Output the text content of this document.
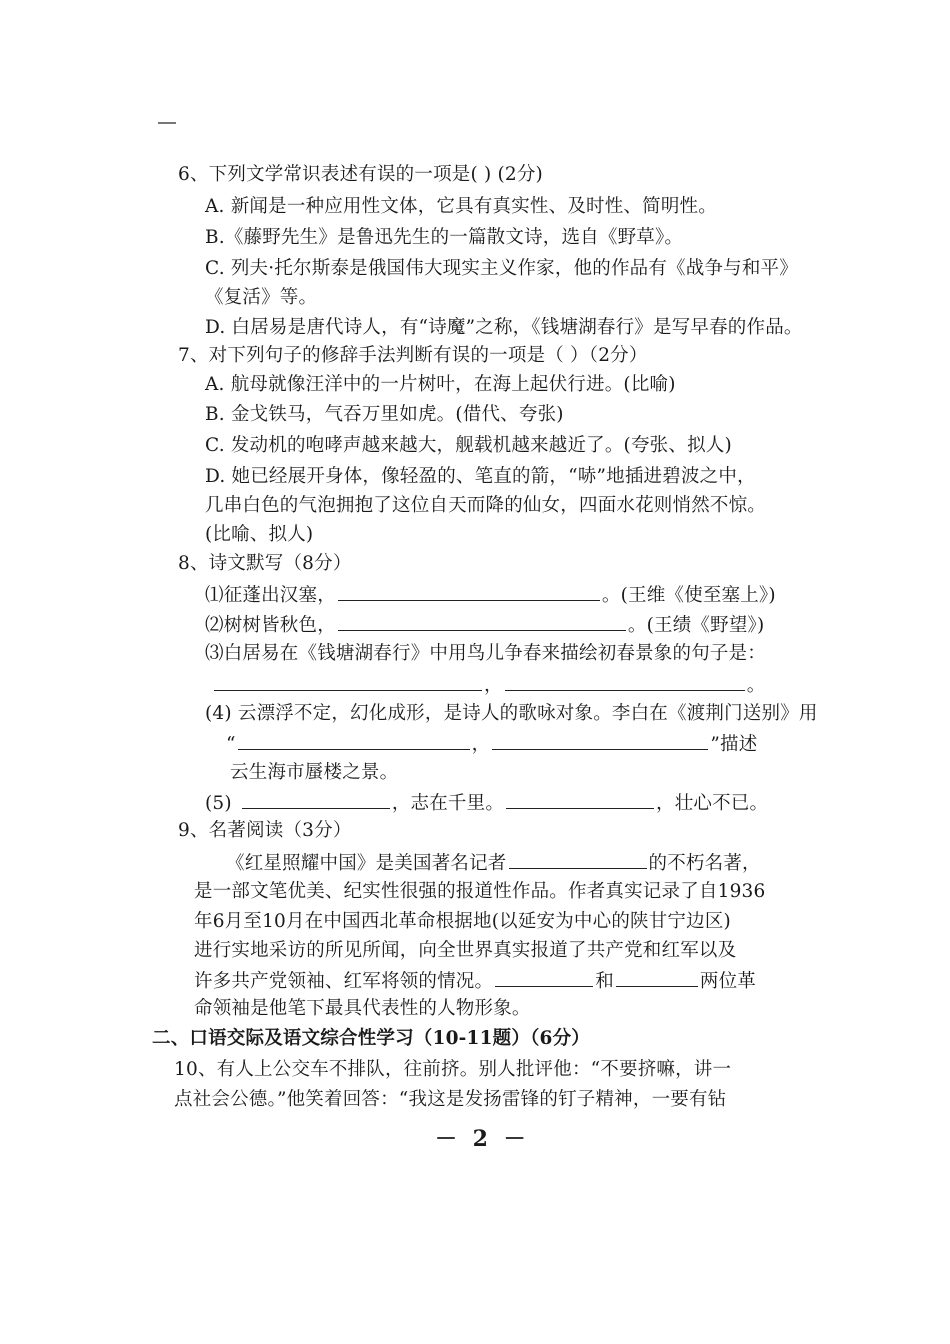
6、下列文学常识表述有误的一项是( ) (2分)
A. 新闻是一种应用性文体，它具有真实性、及时性、简明性。
B.《藤野先生》是鲁迅先生的一篇散文诗，选自《野草》。
C. 列夫·托尔斯泰是俄国伟大现实主义作家，他的作品有《战争与和平》
《复活》等。
D. 白居易是唐代诗人，有“诗魔”之称，《钱塘湖春行》是写早春的作品。
7、对下列句子的修辞手法判断有误的一项是（ ）（2分）
A. 航母就像汪洋中的一片树叶，在海上起伏行进。(比喻)
B. 金戈铁马，气吞万里如虎。(借代、夸张)
C. 发动机的咆哮声越来越大，舰载机越来越近了。(夸张、拟人)
D. 她已经展开身体，像轻盈的、笔直的箭，“哧”地插进碧波之中，
几串白色的气泡拥抱了这位自天而降的仙女，四面水花则悄然不惊。
(比喻、拟人)
8、诗文默写（8分）
⑴征蓬出汉塞，	。(王维《使至塞上》)
⑵树树皆秋色，	。(王绩《野望》)
⑶白居易在《钱塘湖春行》中用鸟儿争春来描绘初春景象的句子是：
，	。
(4) 云漂浮不定，幻化成形，是诗人的歌咏对象。李白在《渡荆门送别》用
“	，	”描述
云生海市蜃楼之景。
(5)	，志在千里。	，壮心不已。
9、名著阅读（3分）
《红星照耀中国》是美国著名记者	的不朽名著，
是一部文笔优美、纪实性很强的报道性作品。作者真实记录了自1936
年6月至10月在中国西北革命根据地(以延安为中心的陕甘宁边区)
进行实地采访的所见所闻，向全世界真实报道了共产党和红军以及
许多共产党领袖、红军将领的情况。	和	两位革
命领袖是他笔下最具代表性的人物形象。
二、口语交际及语文综合性学习（10-11题）（6分）
10、有人上公交车不排队，往前挤。别人批评他：“不要挤嘛，讲一
点社会公德。”他笑着回答：“我这是发扬雷锋的钉子精神，一要有钻
－ 2 －
